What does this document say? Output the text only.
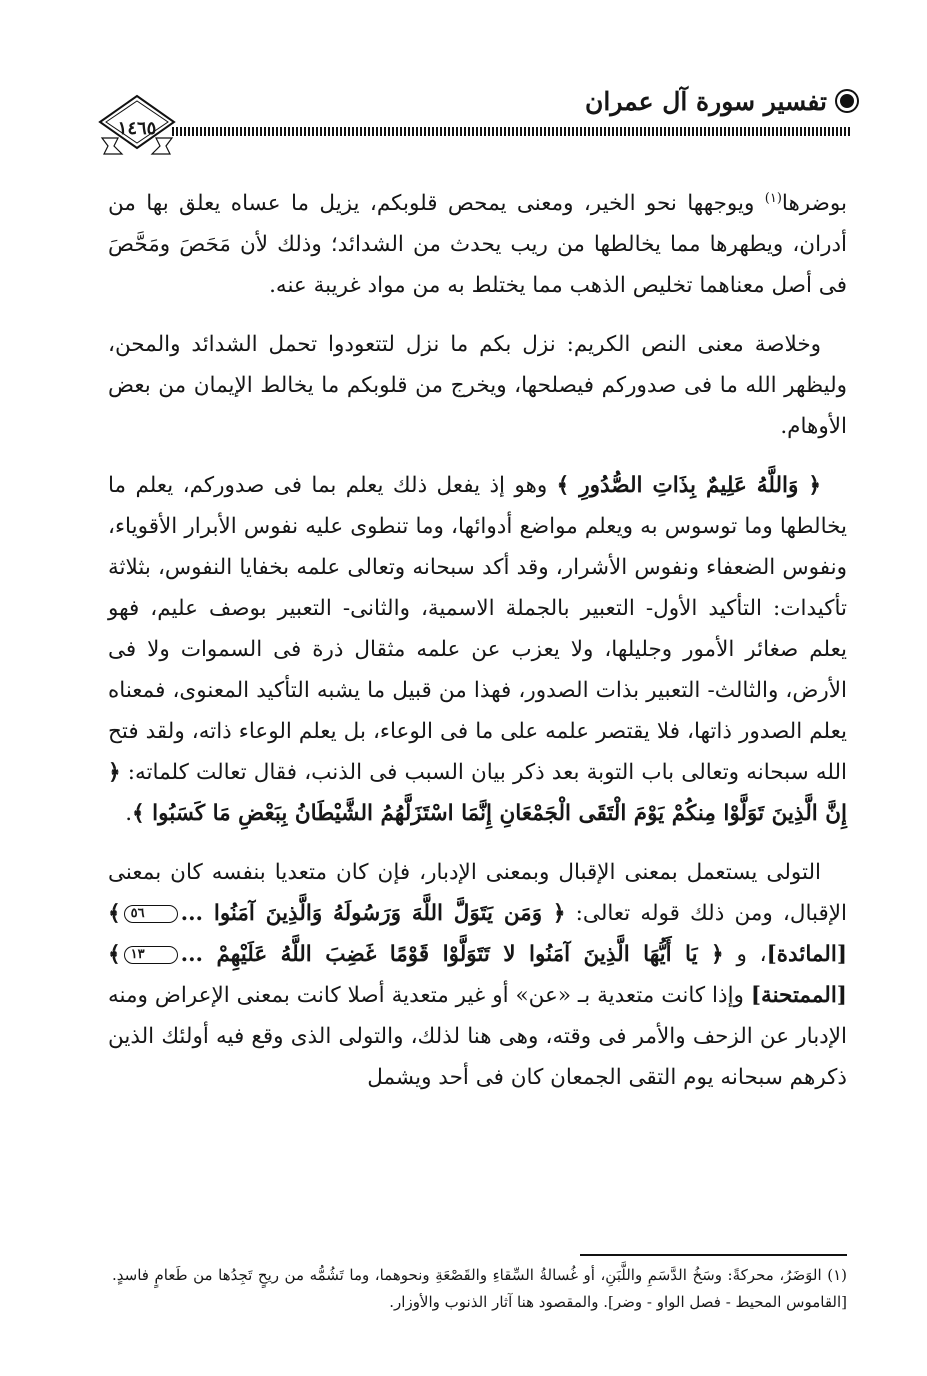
تفسير سورة آل عمران
١٤٦٥

بوضرها$^{(١)}$ ويوجهها نحو الخير، ومعنى يمحص قلوبكم، يزيل ما عساه يعلق بها من أدران، ويطهرها مما يخالطها من ريب يحدث من الشدائد؛ وذلك لأن مَحَصَ ومَحَّصَ فى أصل معناهما تخليص الذهب مما يختلط به من مواد غريبة عنه.

وخلاصة معنى النص الكريم: نزل بكم ما نزل لتتعودوا تحمل الشدائد والمحن، وليظهر الله ما فى صدوركم فيصلحها، ويخرج من قلوبكم ما يخالط الإيمان من بعض الأوهام.

﴿ وَاللَّهُ عَلِيمٌ بِذَاتِ الصُّدُورِ ﴾ وهو إذ يفعل ذلك يعلم بما فى صدوركم، يعلم ما يخالطها وما توسوس به ويعلم مواضع أدوائها، وما تنطوى عليه نفوس الأبرار الأقوياء، ونفوس الضعفاء ونفوس الأشرار، وقد أكد سبحانه وتعالى علمه بخفايا النفوس، بثلاثة تأكيدات: التأكيد الأول- التعبير بالجملة الاسمية، والثانى- التعبير بوصف عليم، فهو يعلم صغائر الأمور وجليلها، ولا يعزب عن علمه مثقال ذرة فى السموات ولا فى الأرض، والثالث- التعبير بذات الصدور، فهذا من قبيل ما يشبه التأكيد المعنوى، فمعناه يعلم الصدور ذاتها، فلا يقتصر علمه على ما فى الوعاء، بل يعلم الوعاء ذاته، ولقد فتح الله سبحانه وتعالى باب التوبة بعد ذكر بيان السبب فى الذنب، فقال تعالت كلماته: ﴿ إِنَّ الَّذِينَ تَوَلَّوْا مِنكُمْ يَوْمَ الْتَقَى الْجَمْعَانِ إِنَّمَا اسْتَزَلَّهُمُ الشَّيْطَانُ بِبَعْضِ مَا كَسَبُوا ﴾.

التولى يستعمل بمعنى الإقبال وبمعنى الإدبار، فإن كان متعديا بنفسه كان بمعنى الإقبال، ومن ذلك قوله تعالى: ﴿ وَمَن يَتَوَلَّ اللَّهَ وَرَسُولَهُ وَالَّذِينَ آمَنُوا ...٥٦﴾ [المائدة]، و ﴿ يَا أَيُّهَا الَّذِينَ آمَنُوا لا تَتَوَلَّوْا قَوْمًا غَضِبَ اللَّهُ عَلَيْهِمْ ...١٣﴾ [الممتحنة] وإذا كانت متعدية بـ «عن» أو غير متعدية أصلا كانت بمعنى الإعراض ومنه الإدبار عن الزحف والأمر فى وقته، وهى هنا لذلك، والتولى الذى وقع فيه أولئك الذين ذكرهم سبحانه يوم التقى الجمعان كان فى أحد ويشمل

(١) الوَضَرُ، محركةً: وسَخُ الدَّسَمِ واللَّبَنِ، أو غُسالةُ السِّقاءِ والقَصْعَةِ ونحوهما، وما تَشُمُّه من ريحٍ تَجِدُها من طَعامٍ فاسدٍ. [القاموس المحيط - فصل الواو - وضر]. والمقصود هنا آثار الذنوب والأوزار.
